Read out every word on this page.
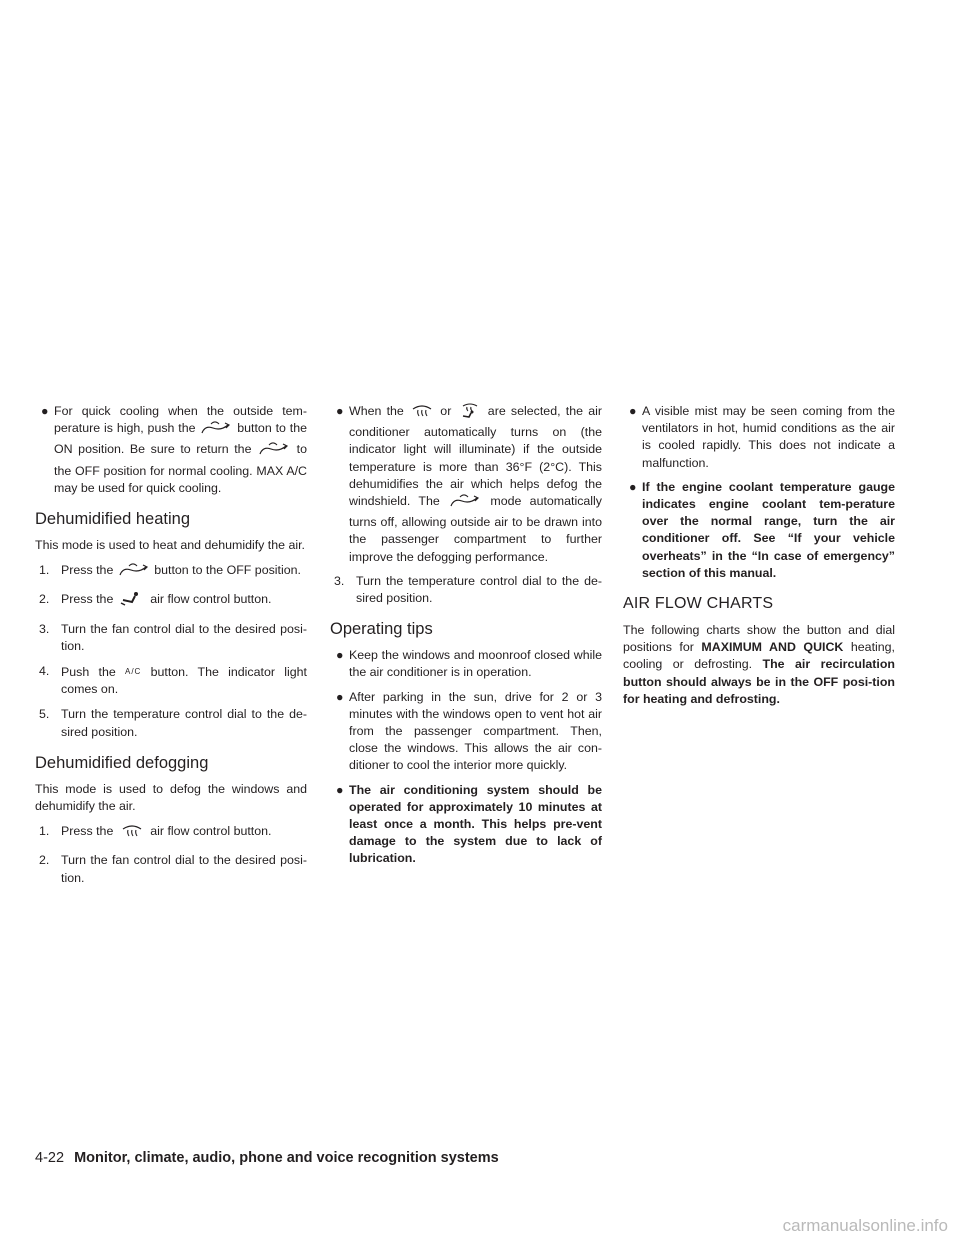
● For quick cooling when the outside tem-perature is high, push the	button to the ON position. Be sure to return the	to the OFF position for normal cooling. MAX A/C may be used for quick cooling.
Dehumidified heating

This mode is used to heat and dehumidify the air.

1. Press the	button to the OFF position.
2. Press the	air flow control button.
3. Turn the fan control dial to the desired posi-tion.
4. Push the A/C button. The indicator light comes on.
5. Turn the temperature control dial to the de-sired position.
Dehumidified defogging

This mode is used to defog the windows and dehumidify the air.

1. Press the	air flow control button.
2. Turn the fan control dial to the desired posi-tion.
● When the	or	are selected, the air conditioner automatically turns on (the indicator light will illuminate) if the outside temperature is more than 36°F (2°C). This dehumidifies the air which helps defog the windshield. The	mode automatically turns off, allowing outside air to be drawn into the passenger compartment to further improve the defogging performance.
3. Turn the temperature control dial to the de-sired position.
Operating tips
● Keep the windows and moonroof closed while the air conditioner is in operation.
● After parking in the sun, drive for 2 or 3 minutes with the windows open to vent hot air from the passenger compartment. Then, close the windows. This allows the air con-ditioner to cool the interior more quickly.
● The air conditioning system should be operated for approximately 10 minutes at least once a month. This helps pre-vent damage to the system due to lack of lubrication.
● A visible mist may be seen coming from the ventilators in hot, humid conditions as the air is cooled rapidly. This does not indicate a malfunction.
● If the engine coolant temperature gauge indicates engine coolant tem-perature over the normal range, turn the air conditioner off. See “If your vehicle overheats” in the “In case of emergency” section of this manual.
AIR FLOW CHARTS

The following charts show the button and dial positions for MAXIMUM AND QUICK heating, cooling or defrosting. The air recirculation button should always be in the OFF posi-tion for heating and defrosting.

4-22 Monitor, climate, audio, phone and voice recognition systems
carmanualsonline.info
